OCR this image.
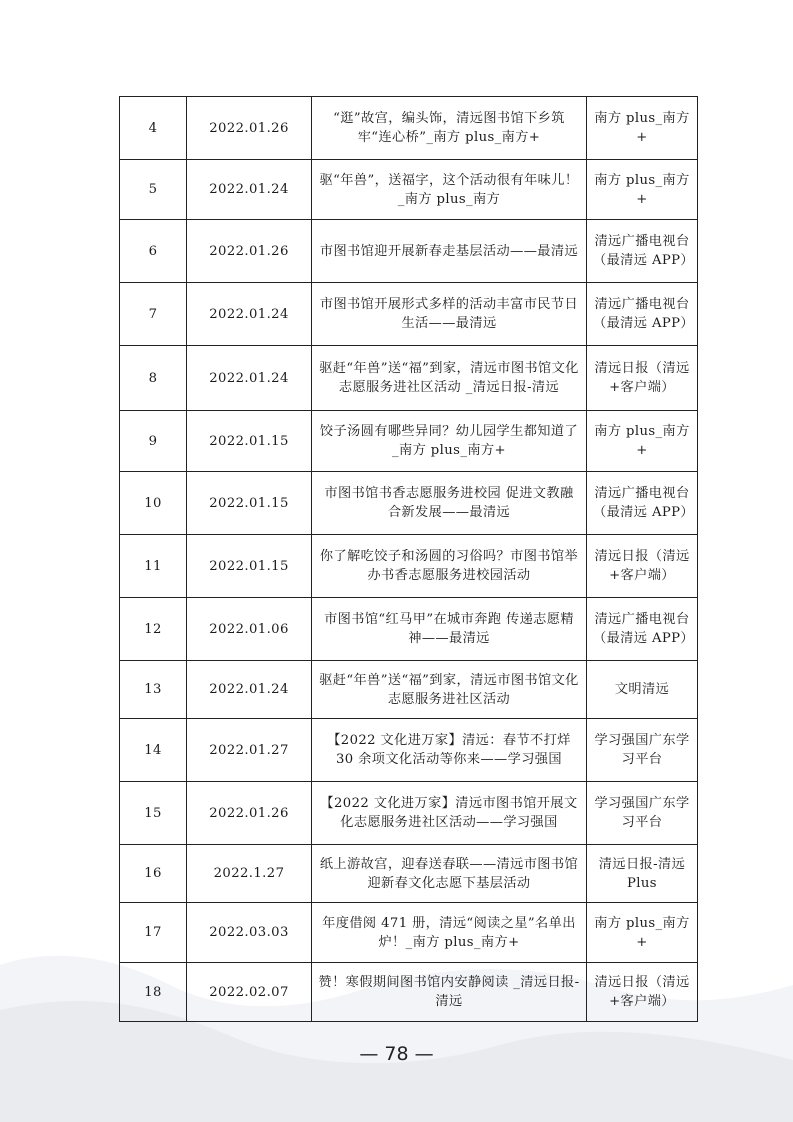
4	2022.01.26	“逛”故宫，编头饰，清远图书馆下乡筑牢“连心桥”_南方 plus_南方+	南方 plus_南方+
5	2022.01.24	驱“年兽”，送福字，这个活动很有年味儿！_南方 plus_南方	南方 plus_南方+
6	2022.01.26	市图书馆迎开展新春走基层活动——最清远	清远广播电视台（最清远 APP）
7	2022.01.24	市图书馆开展形式多样的活动丰富市民节日生活——最清远	清远广播电视台（最清远 APP）
8	2022.01.24	驱赶“年兽”送“福”到家，清远市图书馆文化志愿服务进社区活动 _清远日报-清远	清远日报（清远+客户端）
9	2022.01.15	饺子汤圆有哪些异同？幼儿园学生都知道了_南方 plus_南方+	南方 plus_南方+
10	2022.01.15	市图书馆书香志愿服务进校园 促进文教融合新发展——最清远	清远广播电视台（最清远 APP）
11	2022.01.15	你了解吃饺子和汤圆的习俗吗？市图书馆举办书香志愿服务进校园活动	清远日报（清远+客户端）
12	2022.01.06	市图书馆“红马甲”在城市奔跑 传递志愿精神——最清远	清远广播电视台（最清远 APP）
13	2022.01.24	驱赶“年兽”送“福”到家，清远市图书馆文化志愿服务进社区活动	文明清远
14	2022.01.27	【2022 文化进万家】清远：春节不打烊 30 余项文化活动等你来——学习强国	学习强国广东学习平台
15	2022.01.26	【2022 文化进万家】清远市图书馆开展文化志愿服务进社区活动——学习强国	学习强国广东学习平台
16	2022.1.27	纸上游故宫，迎春送春联——清远市图书馆迎新春文化志愿下基层活动	清远日报-清远 Plus
17	2022.03.03	年度借阅 471 册，清远“阅读之星”名单出炉！_南方 plus_南方+	南方 plus_南方+
18	2022.02.07	赞！寒假期间图书馆内安静阅读 _清远日报-清远	清远日报（清远+客户端）
— 78 —
